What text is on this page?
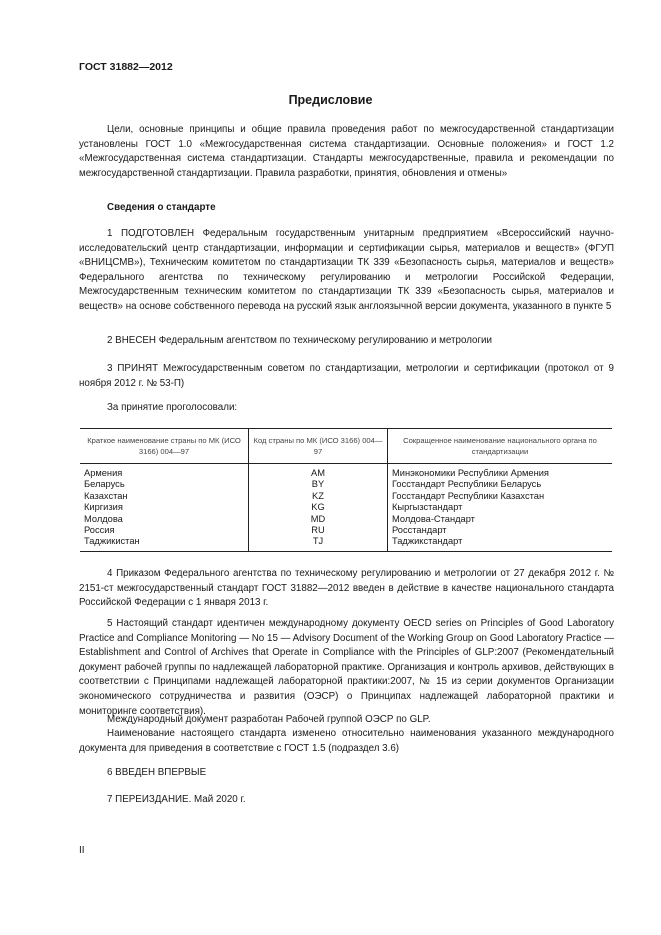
ГОСТ 31882—2012
Предисловие

Цели, основные принципы и общие правила проведения работ по межгосударственной стандартизации установлены ГОСТ 1.0 «Межгосударственная система стандартизации. Основные положения» и ГОСТ 1.2 «Межгосударственная система стандартизации. Стандарты межгосударственные, правила и рекомендации по межгосударственной стандартизации. Правила разработки, принятия, обновления и отмены»

Сведения о стандарте

1 ПОДГОТОВЛЕН Федеральным государственным унитарным предприятием «Всероссийский научно-исследовательский центр стандартизации, информации и сертификации сырья, материалов и веществ» (ФГУП «ВНИЦСМВ»), Техническим комитетом по стандартизации ТК 339 «Безопасность сырья, материалов и веществ» Федерального агентства по техническому регулированию и метрологии Российской Федерации, Межгосударственным техническим комитетом по стандартизации ТК 339 «Безопасность сырья, материалов и веществ» на основе собственного перевода на русский язык англоязычной версии документа, указанного в пункте 5

2 ВНЕСЕН Федеральным агентством по техническому регулированию и метрологии

3 ПРИНЯТ Межгосударственным советом по стандартизации, метрологии и сертификации (протокол от 9 ноября 2012 г. № 53-П)

За принятие проголосовали:

Краткое наименование страны по МК (ИСО 3166) 004—97	Код страны по МК (ИСО 3166) 004—97	Сокращенное наименование национального органа по стандартизации
Армения	AM	Минэкономики Республики Армения
Беларусь	BY	Госстандарт Республики Беларусь
Казахстан	KZ	Госстандарт Республики Казахстан
Киргизия	KG	Кыргызстандарт
Молдова	MD	Молдова-Стандарт
Россия	RU	Росстандарт
Таджикистан	TJ	Таджикстандарт

4 Приказом Федерального агентства по техническому регулированию и метрологии от 27 декабря 2012 г. № 2151-ст межгосударственный стандарт ГОСТ 31882—2012 введен в действие в качестве национального стандарта Российской Федерации с 1 января 2013 г.

5 Настоящий стандарт идентичен международному документу OECD series on Principles of Good Laboratory Practice and Compliance Monitoring — No 15 — Advisory Document of the Working Group on Good Laboratory Practice — Establishment and Control of Archives that Operate in Compliance with the Principles of GLP:2007 (Рекомендательный документ рабочей группы по надлежащей лабораторной практике. Организация и контроль архивов, действующих в соответствии с Принципами надлежащей лабораторной практики:2007, № 15 из серии документов Организации экономического сотрудничества и развития (ОЭСР) о Принципах надлежащей лабораторной практики и мониторинге соответствия).

Международный документ разработан Рабочей группой ОЭСР по GLP.

Наименование настоящего стандарта изменено относительно наименования указанного международного документа для приведения в соответствие с ГОСТ 1.5 (подраздел 3.6)

6 ВВЕДЕН ВПЕРВЫЕ

7 ПЕРЕИЗДАНИЕ. Май 2020 г.

II
